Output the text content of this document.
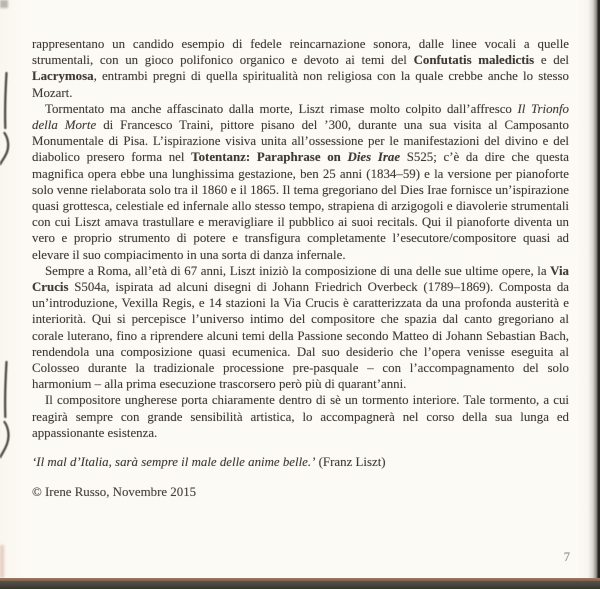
rappresentano un candido esempio di fedele reincarnazione sonora, dalle linee vocali a quelle strumentali, con un gioco polifonico organico e devoto ai temi del Confutatis maledictis e del Lacrymosa, entrambi pregni di quella spiritualità non religiosa con la quale crebbe anche lo stesso Mozart.

Tormentato ma anche affascinato dalla morte, Liszt rimase molto colpito dall’affresco Il Trionfo della Morte di Francesco Traini, pittore pisano del ’300, durante una sua visita al Camposanto Monumentale di Pisa. L’ispirazione visiva unita all’ossessione per le manifestazioni del divino e del diabolico presero forma nel Totentanz: Paraphrase on Dies Irae S525; c’è da dire che questa magnifica opera ebbe una lunghissima gestazione, ben 25 anni (1834–59) e la versione per pianoforte solo venne rielaborata solo tra il 1860 e il 1865. Il tema gregoriano del Dies Irae fornisce un’ispirazione quasi grottesca, celestiale ed infernale allo stesso tempo, strapiena di arzigogoli e diavolerie strumentali con cui Liszt amava trastullare e meravigliare il pubblico ai suoi recitals. Qui il pianoforte diventa un vero e proprio strumento di potere e transfigura completamente l’esecutore/compositore quasi ad elevare il suo compiacimento in una sorta di danza infernale.

Sempre a Roma, all’età di 67 anni, Liszt iniziò la composizione di una delle sue ultime opere, la Via Crucis S504a, ispirata ad alcuni disegni di Johann Friedrich Overbeck (1789–1869). Composta da un’introduzione, Vexilla Regis, e 14 stazioni la Via Crucis è caratterizzata da una profonda austerità e interiorità. Qui si percepisce l’universo intimo del compositore che spazia dal canto gregoriano al corale luterano, fino a riprendere alcuni temi della Passione secondo Matteo di Johann Sebastian Bach, rendendola una composizione quasi ecumenica. Dal suo desiderio che l’opera venisse eseguita al Colosseo durante la tradizionale processione pre-pasquale – con l’accompagnamento del solo harmonium – alla prima esecuzione trascorsero però più di quarant’anni.

Il compositore ungherese porta chiaramente dentro di sè un tormento interiore. Tale tormento, a cui reagirà sempre con grande sensibilità artistica, lo accompagnerà nel corso della sua lunga ed appassionante esistenza.

‘Il mal d’Italia, sarà sempre il male delle anime belle.’ (Franz Liszt)
© Irene Russo, Novembre 2015
7
